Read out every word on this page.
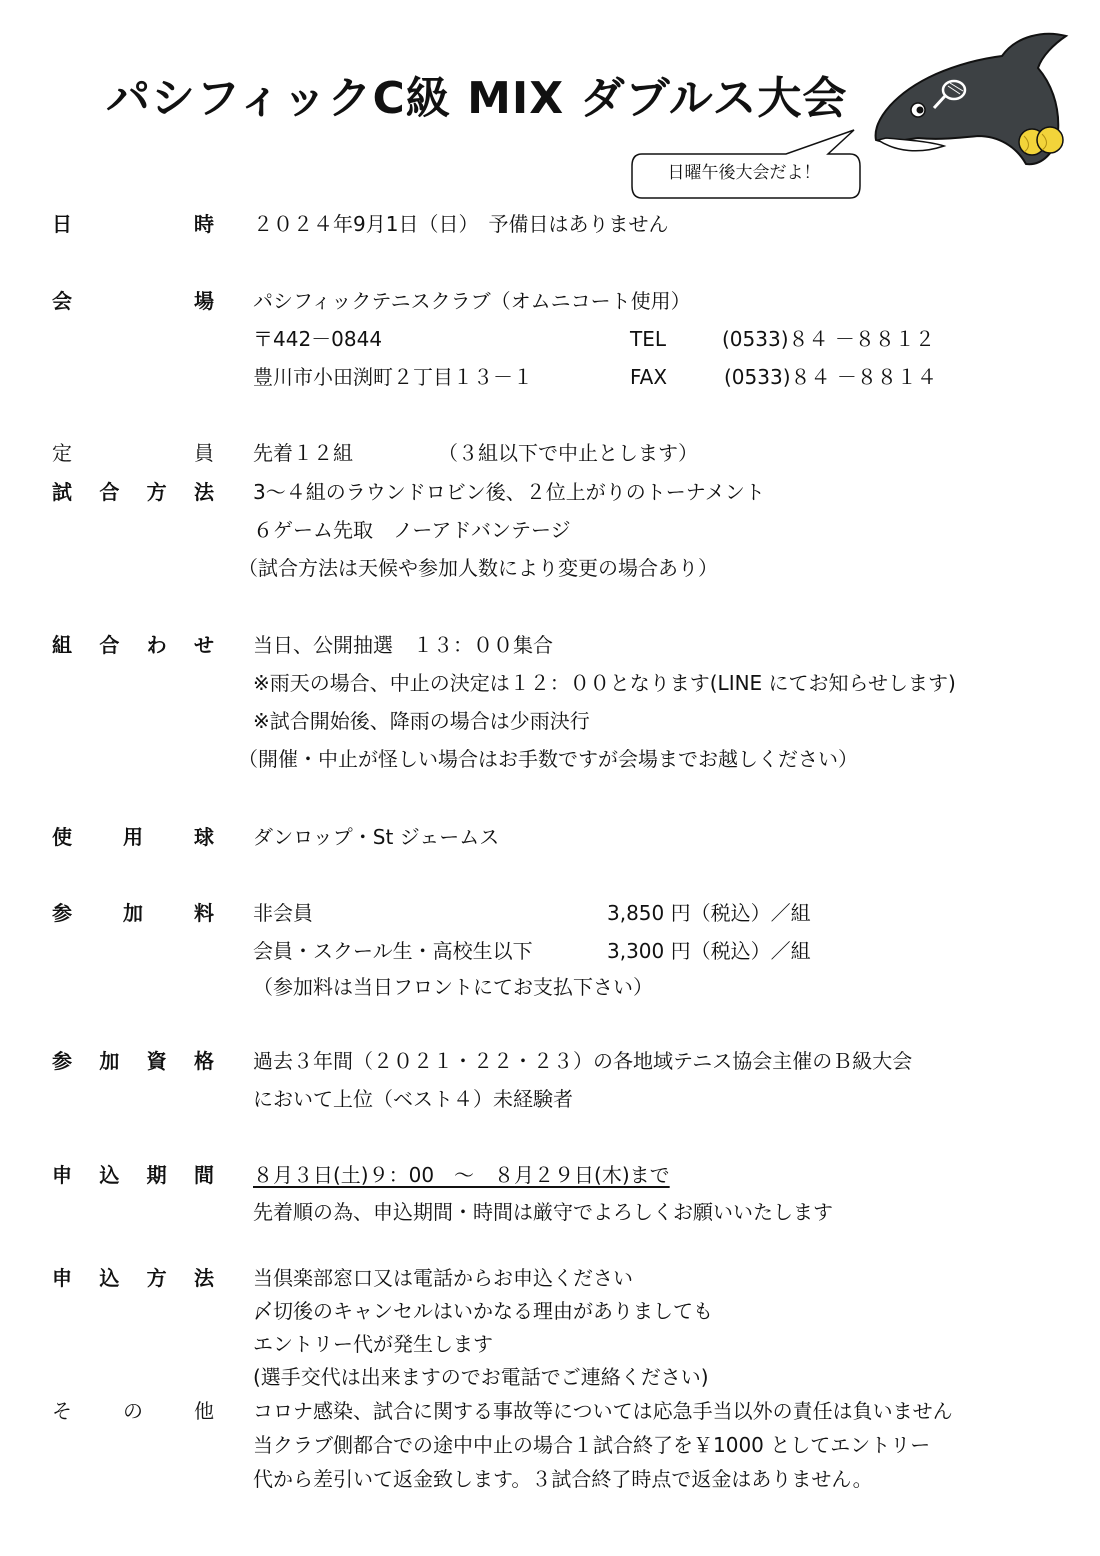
パシフィックC級 MIX ダブルス大会
日曜午後大会だよ！
日	時 ２０２４年9月1日（日）　予備日はありません
会	場 パシフィックテニスクラブ（オムニコート使用）
〒442－0844	TEL	(0533)８４ －８８１２
豊川市小田渕町２丁目１３－１	FAX	(0533)８４ －８８１４
定	員 先着１２組	（３組以下で中止とします）
試 合 方 法 3～４組のラウンドロビン後、２位上がりのトーナメント
６ゲーム先取　ノーアドバンテージ
（試合方法は天候や参加人数により変更の場合あり）
組 合 わ せ 当日、公開抽選　１３：００集合
※雨天の場合、中止の決定は１２：００となります(LINE にてお知らせします)
※試合開始後、降雨の場合は少雨決行
（開催・中止が怪しい場合はお手数ですが会場までお越しください）
使	用	球 ダンロップ・St ジェームス
参	加	料 非会員	3,850 円（税込）／組
会員・スクール生・高校生以下	3,300 円（税込）／組
（参加料は当日フロントにてお支払下さい）
参 加 資 格 過去３年間（２０２１・２２・２３）の各地域テニス協会主催のＢ級大会
において上位（ベスト４）未経験者
申 込 期 間 ８月３日(土)９：00　～　８月２９日(木)まで
先着順の為、申込期間・時間は厳守でよろしくお願いいたします
申 込 方 法 当倶楽部窓口又は電話からお申込ください
〆切後のキャンセルはいかなる理由がありましても
エントリー代が発生します
(選手交代は出来ますのでお電話でご連絡ください)
そ	の	他 コロナ感染、試合に関する事故等については応急手当以外の責任は負いません
当クラブ側都合での途中中止の場合１試合終了を￥1000 としてエントリー
代から差引いて返金致します。３試合終了時点で返金はありません。
